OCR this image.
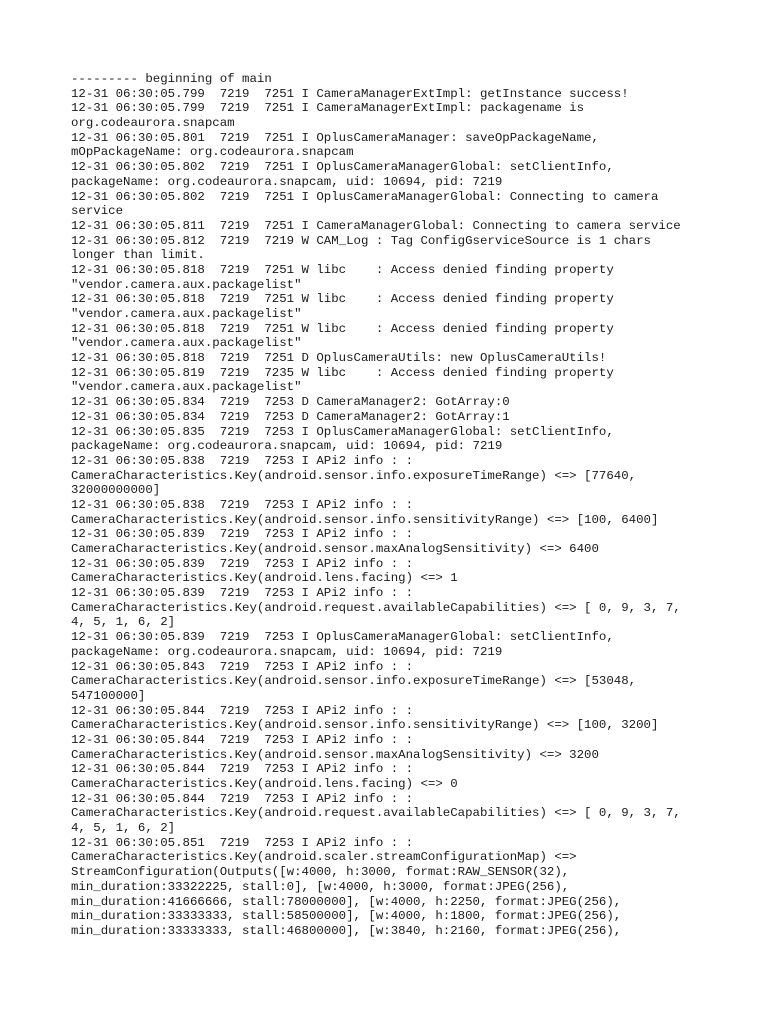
--------- beginning of main
12-31 06:30:05.799  7219  7251 I CameraManagerExtImpl: getInstance success!
12-31 06:30:05.799  7219  7251 I CameraManagerExtImpl: packagename is
org.codeaurora.snapcam
12-31 06:30:05.801  7219  7251 I OplusCameraManager: saveOpPackageName,
mOpPackageName: org.codeaurora.snapcam
12-31 06:30:05.802  7219  7251 I OplusCameraManagerGlobal: setClientInfo,
packageName: org.codeaurora.snapcam, uid: 10694, pid: 7219
12-31 06:30:05.802  7219  7251 I OplusCameraManagerGlobal: Connecting to camera
service
12-31 06:30:05.811  7219  7251 I CameraManagerGlobal: Connecting to camera service
12-31 06:30:05.812  7219  7219 W CAM_Log : Tag ConfigGserviceSource is 1 chars
longer than limit.
12-31 06:30:05.818  7219  7251 W libc    : Access denied finding property
"vendor.camera.aux.packagelist"
12-31 06:30:05.818  7219  7251 W libc    : Access denied finding property
"vendor.camera.aux.packagelist"
12-31 06:30:05.818  7219  7251 W libc    : Access denied finding property
"vendor.camera.aux.packagelist"
12-31 06:30:05.818  7219  7251 D OplusCameraUtils: new OplusCameraUtils!
12-31 06:30:05.819  7219  7235 W libc    : Access denied finding property
"vendor.camera.aux.packagelist"
12-31 06:30:05.834  7219  7253 D CameraManager2: GotArray:0
12-31 06:30:05.834  7219  7253 D CameraManager2: GotArray:1
12-31 06:30:05.835  7219  7253 I OplusCameraManagerGlobal: setClientInfo,
packageName: org.codeaurora.snapcam, uid: 10694, pid: 7219
12-31 06:30:05.838  7219  7253 I APi2 info : :
CameraCharacteristics.Key(android.sensor.info.exposureTimeRange) <=> [77640,
32000000000]
12-31 06:30:05.838  7219  7253 I APi2 info : :
CameraCharacteristics.Key(android.sensor.info.sensitivityRange) <=> [100, 6400]
12-31 06:30:05.839  7219  7253 I APi2 info : :
CameraCharacteristics.Key(android.sensor.maxAnalogSensitivity) <=> 6400
12-31 06:30:05.839  7219  7253 I APi2 info : :
CameraCharacteristics.Key(android.lens.facing) <=> 1
12-31 06:30:05.839  7219  7253 I APi2 info : :
CameraCharacteristics.Key(android.request.availableCapabilities) <=> [ 0, 9, 3, 7,
4, 5, 1, 6, 2]
12-31 06:30:05.839  7219  7253 I OplusCameraManagerGlobal: setClientInfo,
packageName: org.codeaurora.snapcam, uid: 10694, pid: 7219
12-31 06:30:05.843  7219  7253 I APi2 info : :
CameraCharacteristics.Key(android.sensor.info.exposureTimeRange) <=> [53048,
547100000]
12-31 06:30:05.844  7219  7253 I APi2 info : :
CameraCharacteristics.Key(android.sensor.info.sensitivityRange) <=> [100, 3200]
12-31 06:30:05.844  7219  7253 I APi2 info : :
CameraCharacteristics.Key(android.sensor.maxAnalogSensitivity) <=> 3200
12-31 06:30:05.844  7219  7253 I APi2 info : :
CameraCharacteristics.Key(android.lens.facing) <=> 0
12-31 06:30:05.844  7219  7253 I APi2 info : :
CameraCharacteristics.Key(android.request.availableCapabilities) <=> [ 0, 9, 3, 7,
4, 5, 1, 6, 2]
12-31 06:30:05.851  7219  7253 I APi2 info : :
CameraCharacteristics.Key(android.scaler.streamConfigurationMap) <=>
StreamConfiguration(Outputs([w:4000, h:3000, format:RAW_SENSOR(32),
min_duration:33322225, stall:0], [w:4000, h:3000, format:JPEG(256),
min_duration:41666666, stall:78000000], [w:4000, h:2250, format:JPEG(256),
min_duration:33333333, stall:58500000], [w:4000, h:1800, format:JPEG(256),
min_duration:33333333, stall:46800000], [w:3840, h:2160, format:JPEG(256),
